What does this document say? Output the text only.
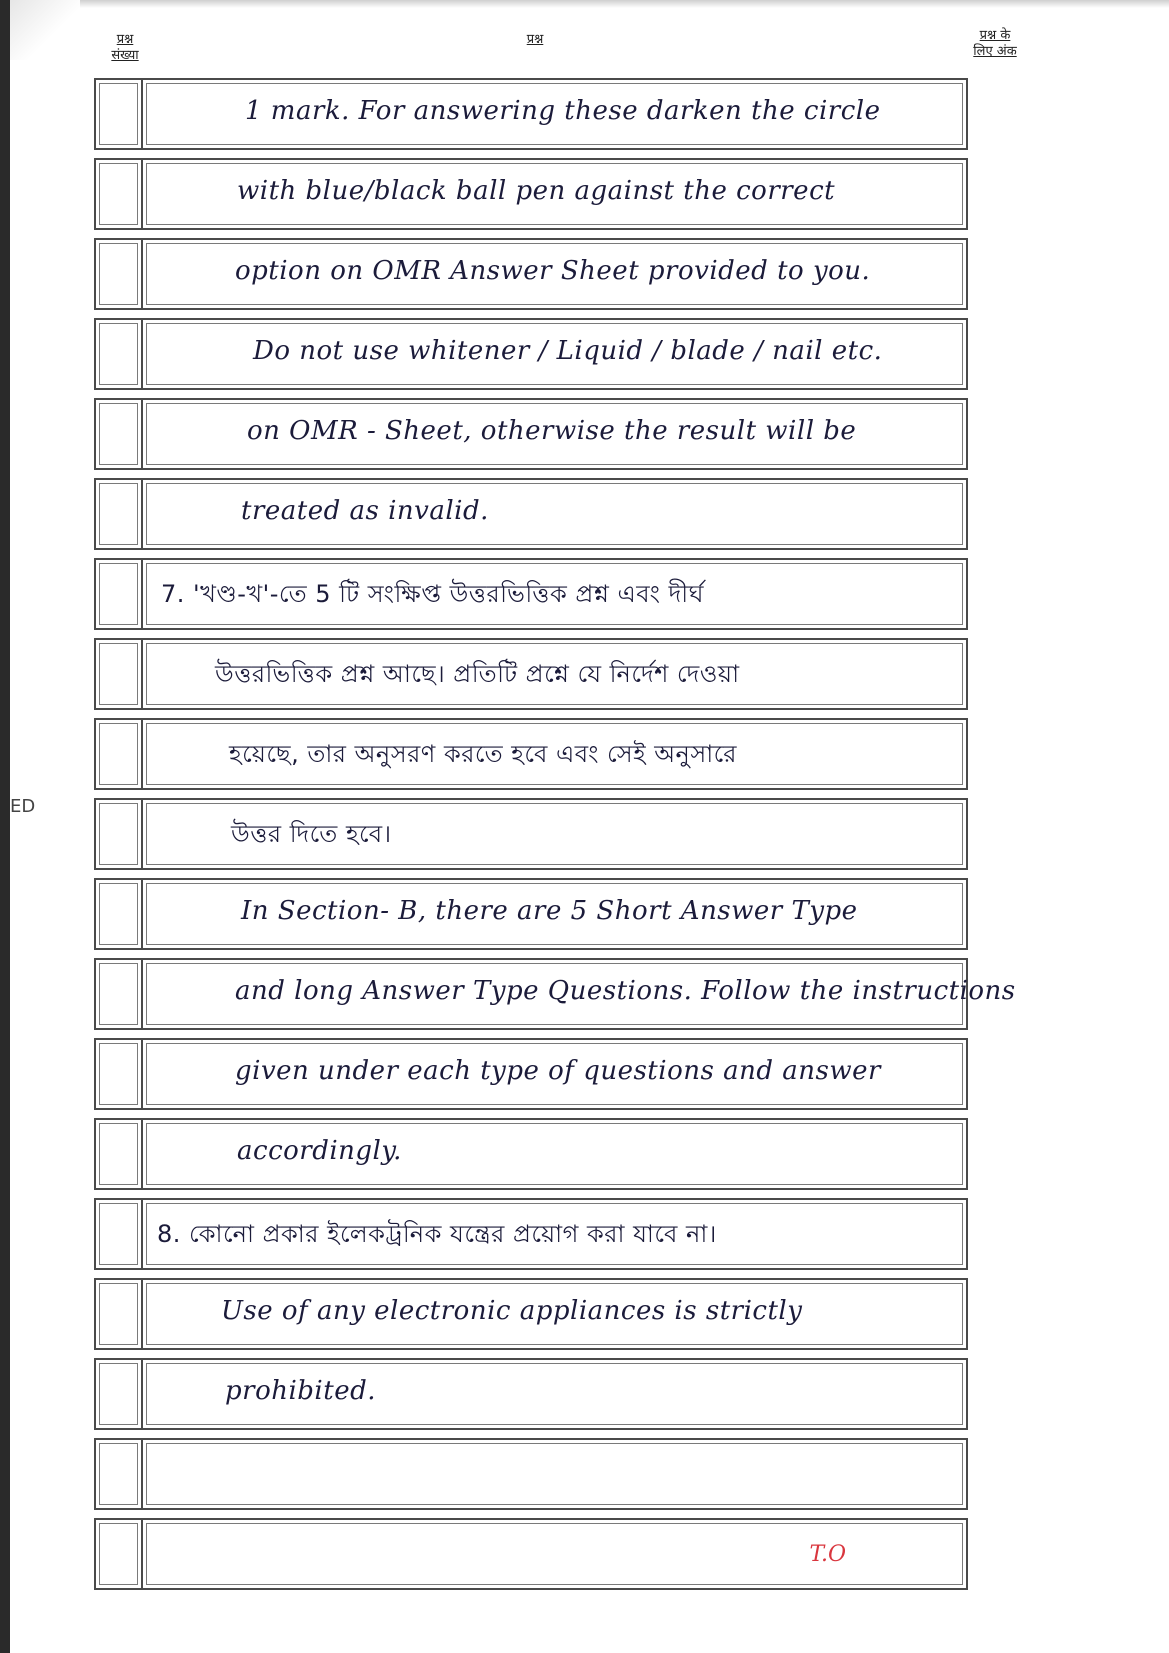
प्रश्न
संख्या
प्रश्न	प्रश्न के
लिए अंक
ED
1 mark. For answering these darken the circle
with blue/black ball pen against the correct
option on OMR Answer Sheet provided to you.
Do not use whitener / Liquid / blade / nail etc.
on OMR - Sheet, otherwise the result will be
treated as invalid.
7. 'খণ্ড-খ'-তে 5 টি সংক্ষিপ্ত উত্তরভিত্তিক প্রশ্ন এবং দীর্ঘ
উত্তরভিত্তিক প্রশ্ন আছে। প্রতিটি প্রশ্নে যে নির্দেশ দেওয়া
হয়েছে, তার অনুসরণ করতে হবে এবং সেই অনুসারে
উত্তর দিতে হবে।
In Section- B, there are 5 Short Answer Type
and long Answer Type Questions. Follow the instructions
given under each type of questions and answer
accordingly.
8. কোনো প্রকার ইলেকট্রনিক যন্ত্রের প্রয়োগ করা যাবে না।
Use of any electronic appliances is strictly
prohibited.
T.O
